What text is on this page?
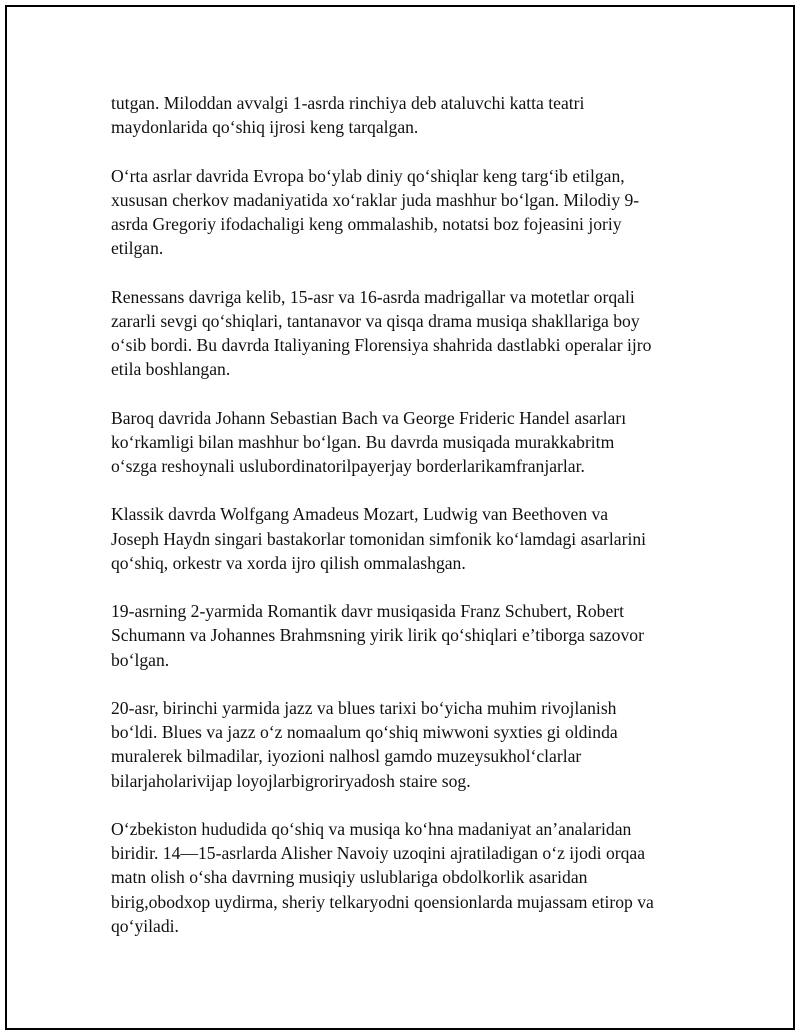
tutgan. Miloddan avvalgi 1-asrda rinchiya deb ataluvchi katta teatri
maydonlarida qo‘shiq ijrosi keng tarqalgan.

O‘rta asrlar davrida Evropa bo‘ylab diniy qo‘shiqlar keng targ‘ib etilgan,
xususan cherkov madaniyatida xo‘raklar juda mashhur bo‘lgan. Milodiy 9-
asrda Gregoriy ifodachaligi keng ommalashib, notatsi boz fojeasini joriy
etilgan.

Renessans davriga kelib, 15-asr va 16-asrda madrigallar va motetlar orqali
zararli sevgi qo‘shiqlari, tantanavor va qisqa drama musiqa shakllariga boy
o‘sib bordi. Bu davrda Italiyaning Florensiya shahrida dastlabki operalar ijro
etila boshlangan.

Baroq davrida Johann Sebastian Bach va George Frideric Handel asarları
ko‘rkamligi bilan mashhur bo‘lgan. Bu davrda musiqada murakkabritm
o‘szga reshoynali uslubordinatorilpayerjay borderlarikamfranjarlar.

Klassik davrda Wolfgang Amadeus Mozart, Ludwig van Beethoven va
Joseph Haydn singari bastakorlar tomonidan simfonik ko‘lamdagi asarlarini
qo‘shiq, orkestr va xorda ijro qilish ommalashgan.

19-asrning 2-yarmida Romantik davr musiqasida Franz Schubert, Robert
Schumann va Johannes Brahmsning yirik lirik qo‘shiqlari e’tiborga sazovor
bo‘lgan.

20-asr, birinchi yarmida jazz va blues tarixi bo‘yicha muhim rivojlanish
bo‘ldi. Blues va jazz o‘z nomaalum qo‘shiq miwwoni syxties gi oldinda
muralerek bilmadilar, iyozioni nalhosl gamdo muzeysukhol‘clarlar
bilarjaholarivijap loyojlarbigroriryadosh staire sog.

O‘zbekiston hududida qo‘shiq va musiqa ko‘hna madaniyat an’analaridan
biridir. 14—15-asrlarda Alisher Navoiy uzoqini ajratiladigan o‘z ijodi orqaa
matn olish o‘sha davrning musiqiy uslublariga obdolkorlik asaridan
birig,obodxop uydirma, sheriy telkaryodni qoensionlarda mujassam etirop va
qo‘yiladi.
